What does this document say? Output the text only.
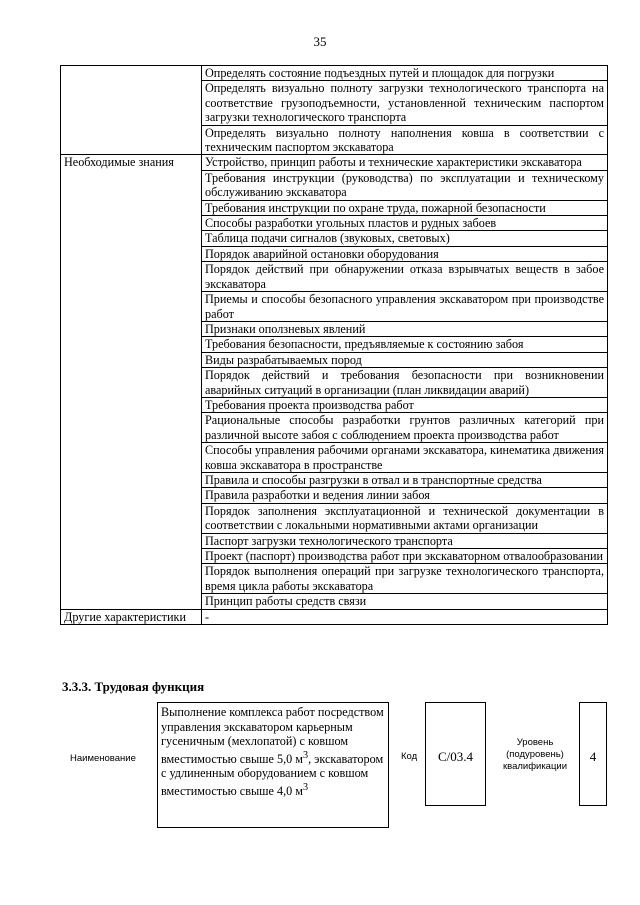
35
	Определять состояние подъездных путей и площадок для погрузки
	Определять визуально полноту загрузки технологического транспорта на соответствие грузоподъемности, установленной техническим паспортом загрузки технологического транспорта
	Определять визуально полноту наполнения ковша в соответствии с техническим паспортом экскаватора
Необходимые знания	Устройство, принцип работы и технические характеристики экскаватора
	Требования инструкции (руководства) по эксплуатации и техническому обслуживанию экскаватора
	Требования инструкции по охране труда, пожарной безопасности
	Способы разработки угольных пластов и рудных забоев
	Таблица подачи сигналов (звуковых, световых)
	Порядок аварийной остановки оборудования
	Порядок действий при обнаружении отказа взрывчатых веществ в забое экскаватора
	Приемы и способы безопасного управления экскаватором при производстве работ
	Признаки оползневых явлений
	Требования безопасности, предъявляемые к состоянию забоя
	Виды разрабатываемых пород
	Порядок действий и требования безопасности при возникновении аварийных ситуаций в организации (план ликвидации аварий)
	Требования проекта производства работ
	Рациональные способы разработки грунтов различных категорий при различной высоте забоя с соблюдением проекта производства работ
	Способы управления рабочими органами экскаватора, кинематика движения ковша экскаватора в пространстве
	Правила и способы разгрузки в отвал и в транспортные средства
	Правила разработки и ведения линии забоя
	Порядок заполнения эксплуатационной и технической документации в соответствии с локальными нормативными актами организации
	Паспорт загрузки технологического транспорта
	Проект (паспорт) производства работ при экскаваторном отвалообразовании
	Порядок выполнения операций при загрузке технологического транспорта, время цикла работы экскаватора
	Принцип работы средств связи
Другие характеристики	-
3.3.3. Трудовая функция
Наименование
Выполнение комплекса работ посредством управления экскаватором карьерным гусеничным (мехлопатой) с ковшом вместимостью свыше 5,0 $м^3$, экскаватором с удлиненным оборудованием с ковшом вместимостью свыше 4,0 $м^3$
Код	C/03.4
Уровень (подуровень) квалификации
4
